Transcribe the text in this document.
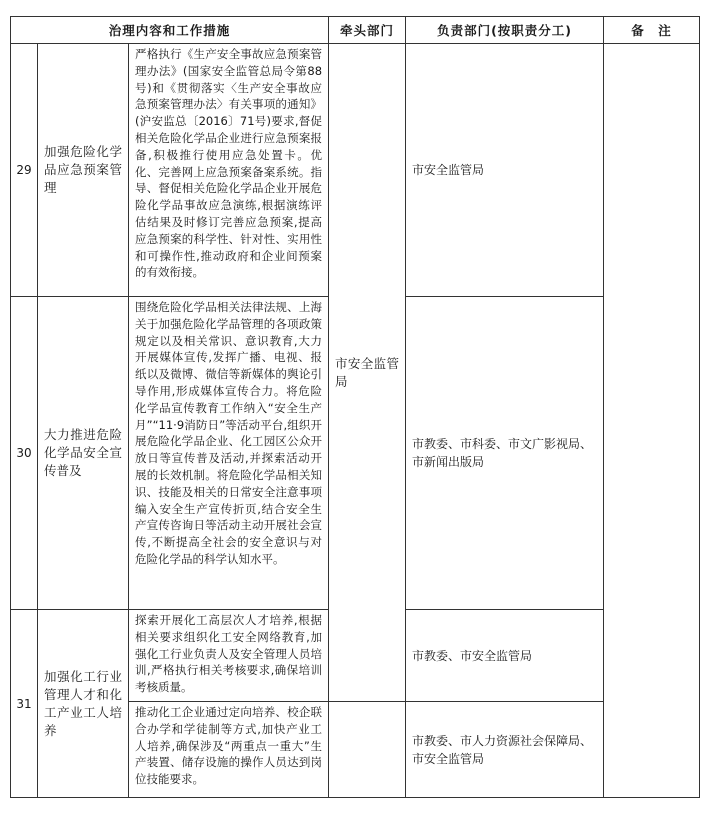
治理内容和工作措施			牵头部门	负责部门(按职责分工)	备　注
29	加强危险化学品应急预案管理	严格执行《生产安全事故应急预案管理办法》(国家安全监管总局令第88号)和《贯彻落实〈生产安全事故应急预案管理办法〉有关事项的通知》(沪安监总〔2016〕71号)要求,督促相关危险化学品企业进行应急预案报备,积极推行使用应急处置卡。优化、完善网上应急预案备案系统。指导、督促相关危险化学品企业开展危险化学品事故应急演练,根据演练评估结果及时修订完善应急预案,提高应急预案的科学性、针对性、实用性和可操作性,推动政府和企业间预案的有效衔接。	市安全监管局	市安全监管局	
30	大力推进危险化学品安全宣传普及	围绕危险化学品相关法律法规、上海关于加强危险化学品管理的各项政策规定以及相关常识、意识教育,大力开展媒体宣传,发挥广播、电视、报纸以及微博、微信等新媒体的舆论引导作用,形成媒体宣传合力。将危险化学品宣传教育工作纳入“安全生产月”“11·9消防日”等活动平台,组织开展危险化学品企业、化工园区公众开放日等宣传普及活动,并探索活动开展的长效机制。将危险化学品相关知识、技能及相关的日常安全注意事项编入安全生产宣传折页,结合安全生产宣传咨询日等活动主动开展社会宣传,不断提高全社会的安全意识与对危险化学品的科学认知水平。		市教委、市科委、市文广影视局、市新闻出版局	
31	加强化工行业管理人才和化工产业工人培养	探索开展化工高层次人才培养,根据相关要求组织化工安全网络教育,加强化工行业负责人及安全管理人员培训,严格执行相关考核要求,确保培训考核质量。		市教委、市安全监管局	
		推动化工企业通过定向培养、校企联合办学和学徒制等方式,加快产业工人培养,确保涉及“两重点一重大”生产装置、储存设施的操作人员达到岗位技能要求。		市教委、市人力资源社会保障局、市安全监管局	
